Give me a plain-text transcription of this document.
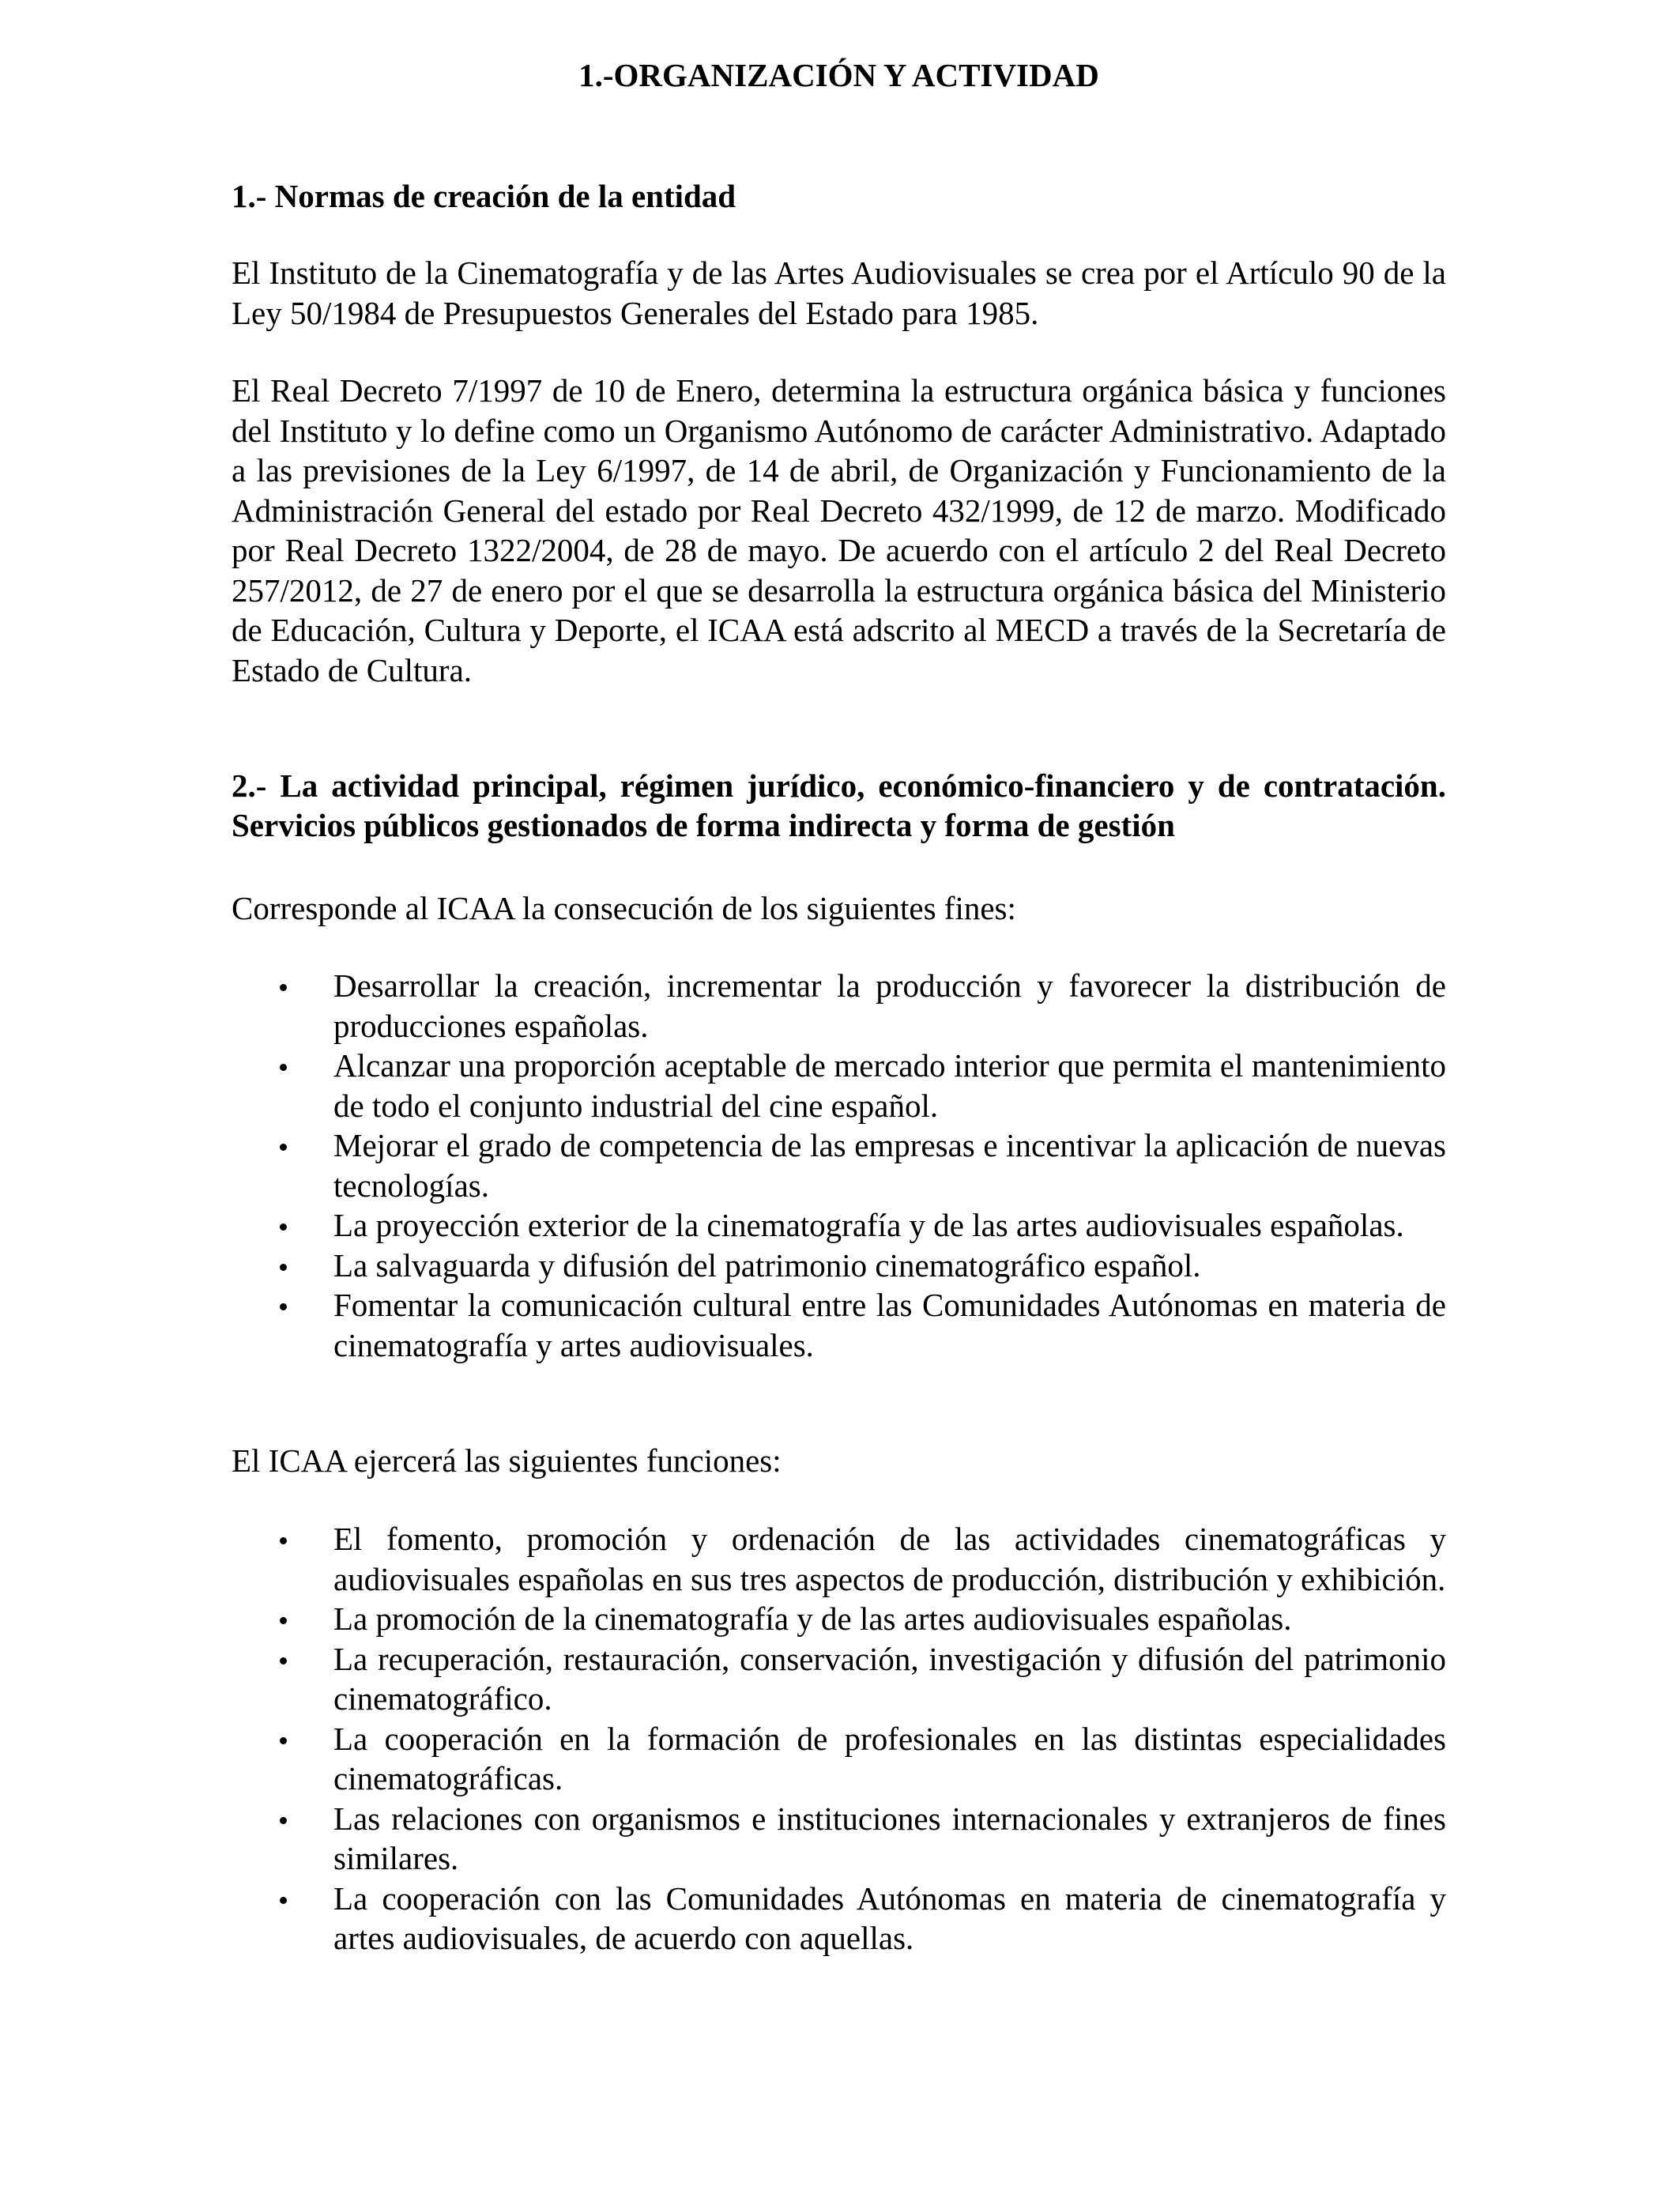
1.-ORGANIZACIÓN Y ACTIVIDAD
1.- Normas de creación de la entidad

El Instituto de la Cinematografía y de las Artes Audiovisuales se crea por el Artículo 90 de la Ley 50/1984 de Presupuestos Generales del Estado para 1985.

El Real Decreto 7/1997 de 10 de Enero, determina la estructura orgánica básica y funciones del Instituto y lo define como un Organismo Autónomo de carácter Administrativo. Adaptado a las previsiones de la Ley 6/1997, de 14 de abril, de Organización y Funcionamiento de la Administración General del estado por Real Decreto 432/1999, de 12 de marzo. Modificado por Real Decreto 1322/2004, de 28 de mayo. De acuerdo con el artículo 2 del Real Decreto 257/2012, de 27 de enero por el que se desarrolla la estructura orgánica básica del Ministerio de Educación, Cultura y Deporte, el ICAA está adscrito al MECD a través de la Secretaría de Estado de Cultura.

2.- La actividad principal, régimen jurídico, económico-financiero y de contratación. Servicios públicos gestionados de forma indirecta y forma de gestión

Corresponde al ICAA la consecución de los siguientes fines:

Desarrollar la creación, incrementar la producción y favorecer la distribución de producciones españolas.
Alcanzar una proporción aceptable de mercado interior que permita el mantenimiento de todo el conjunto industrial del cine español.
Mejorar el grado de competencia de las empresas e incentivar la aplicación de nuevas tecnologías.
La proyección exterior de la cinematografía y de las artes audiovisuales españolas.
La salvaguarda y difusión del patrimonio cinematográfico español.
Fomentar la comunicación cultural entre las Comunidades Autónomas en materia de cinematografía y artes audiovisuales.

El ICAA ejercerá las siguientes funciones:

El fomento, promoción y ordenación de las actividades cinematográficas y audiovisuales españolas en sus tres aspectos de producción, distribución y exhibición.
La promoción de la cinematografía y de las artes audiovisuales españolas.
La recuperación, restauración, conservación, investigación y difusión del patrimonio cinematográfico.
La cooperación en la formación de profesionales en las distintas especialidades cinematográficas.
Las relaciones con organismos e instituciones internacionales y extranjeros de fines similares.
La cooperación con las Comunidades Autónomas en materia de cinematografía y artes audiovisuales, de acuerdo con aquellas.
